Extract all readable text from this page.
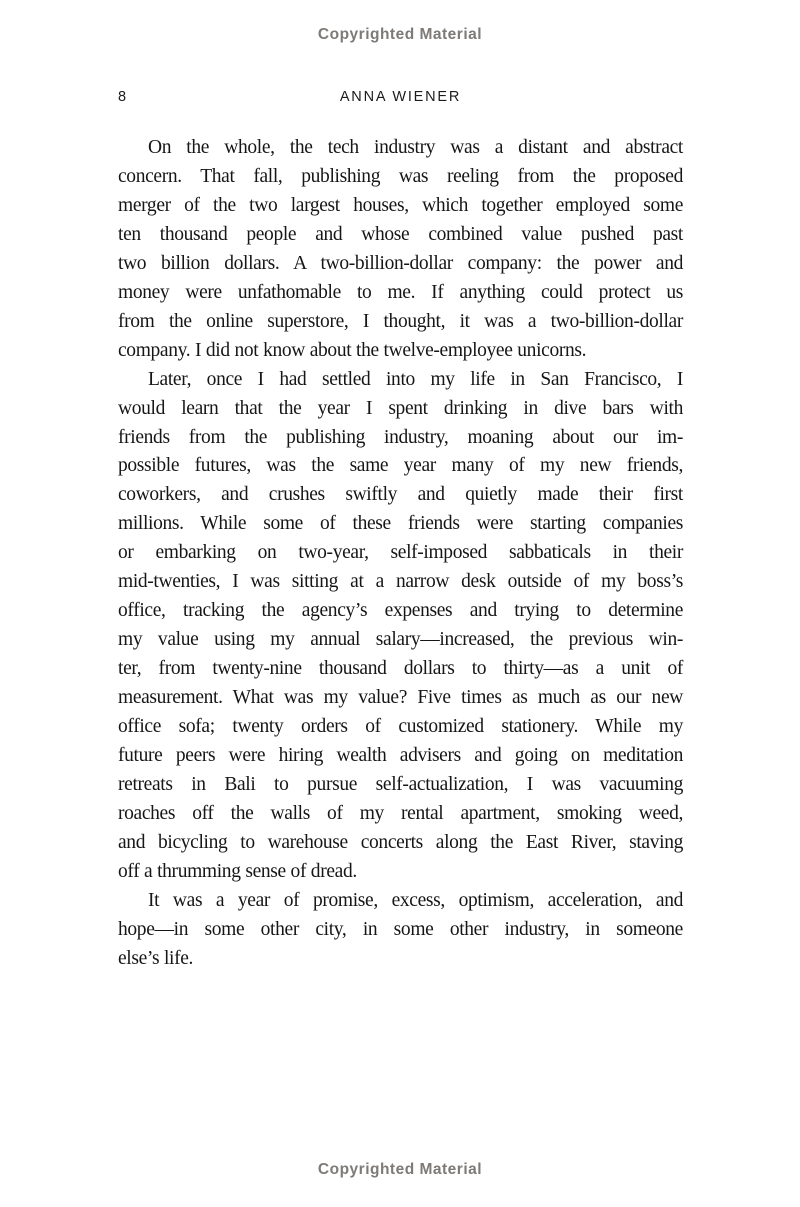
Copyrighted Material
8	ANNA WIENER
On the whole, the tech industry was a distant and abstract
concern. That fall, publishing was reeling from the proposed
merger of the two largest houses, which together employed some
ten thousand people and whose combined value pushed past
two billion dollars. A two-billion-dollar company: the power and
money were unfathomable to me. If anything could protect us
from the online superstore, I thought, it was a two-billion-dollar
company. I did not know about the twelve-employee unicorns.
Later, once I had settled into my life in San Francisco, I
would learn that the year I spent drinking in dive bars with
friends from the publishing industry, moaning about our im-
possible futures, was the same year many of my new friends,
coworkers, and crushes swiftly and quietly made their first
millions. While some of these friends were starting companies
or embarking on two-year, self-imposed sabbaticals in their
mid-twenties, I was sitting at a narrow desk outside of my boss’s
office, tracking the agency’s expenses and trying to determine
my value using my annual salary—increased, the previous win-
ter, from twenty-nine thousand dollars to thirty—as a unit of
measurement. What was my value? Five times as much as our new
office sofa; twenty orders of customized stationery. While my
future peers were hiring wealth advisers and going on meditation
retreats in Bali to pursue self-actualization, I was vacuuming
roaches off the walls of my rental apartment, smoking weed,
and bicycling to warehouse concerts along the East River, staving
off a thrumming sense of dread.
It was a year of promise, excess, optimism, acceleration, and
hope—in some other city, in some other industry, in someone
else’s life.
Copyrighted Material
